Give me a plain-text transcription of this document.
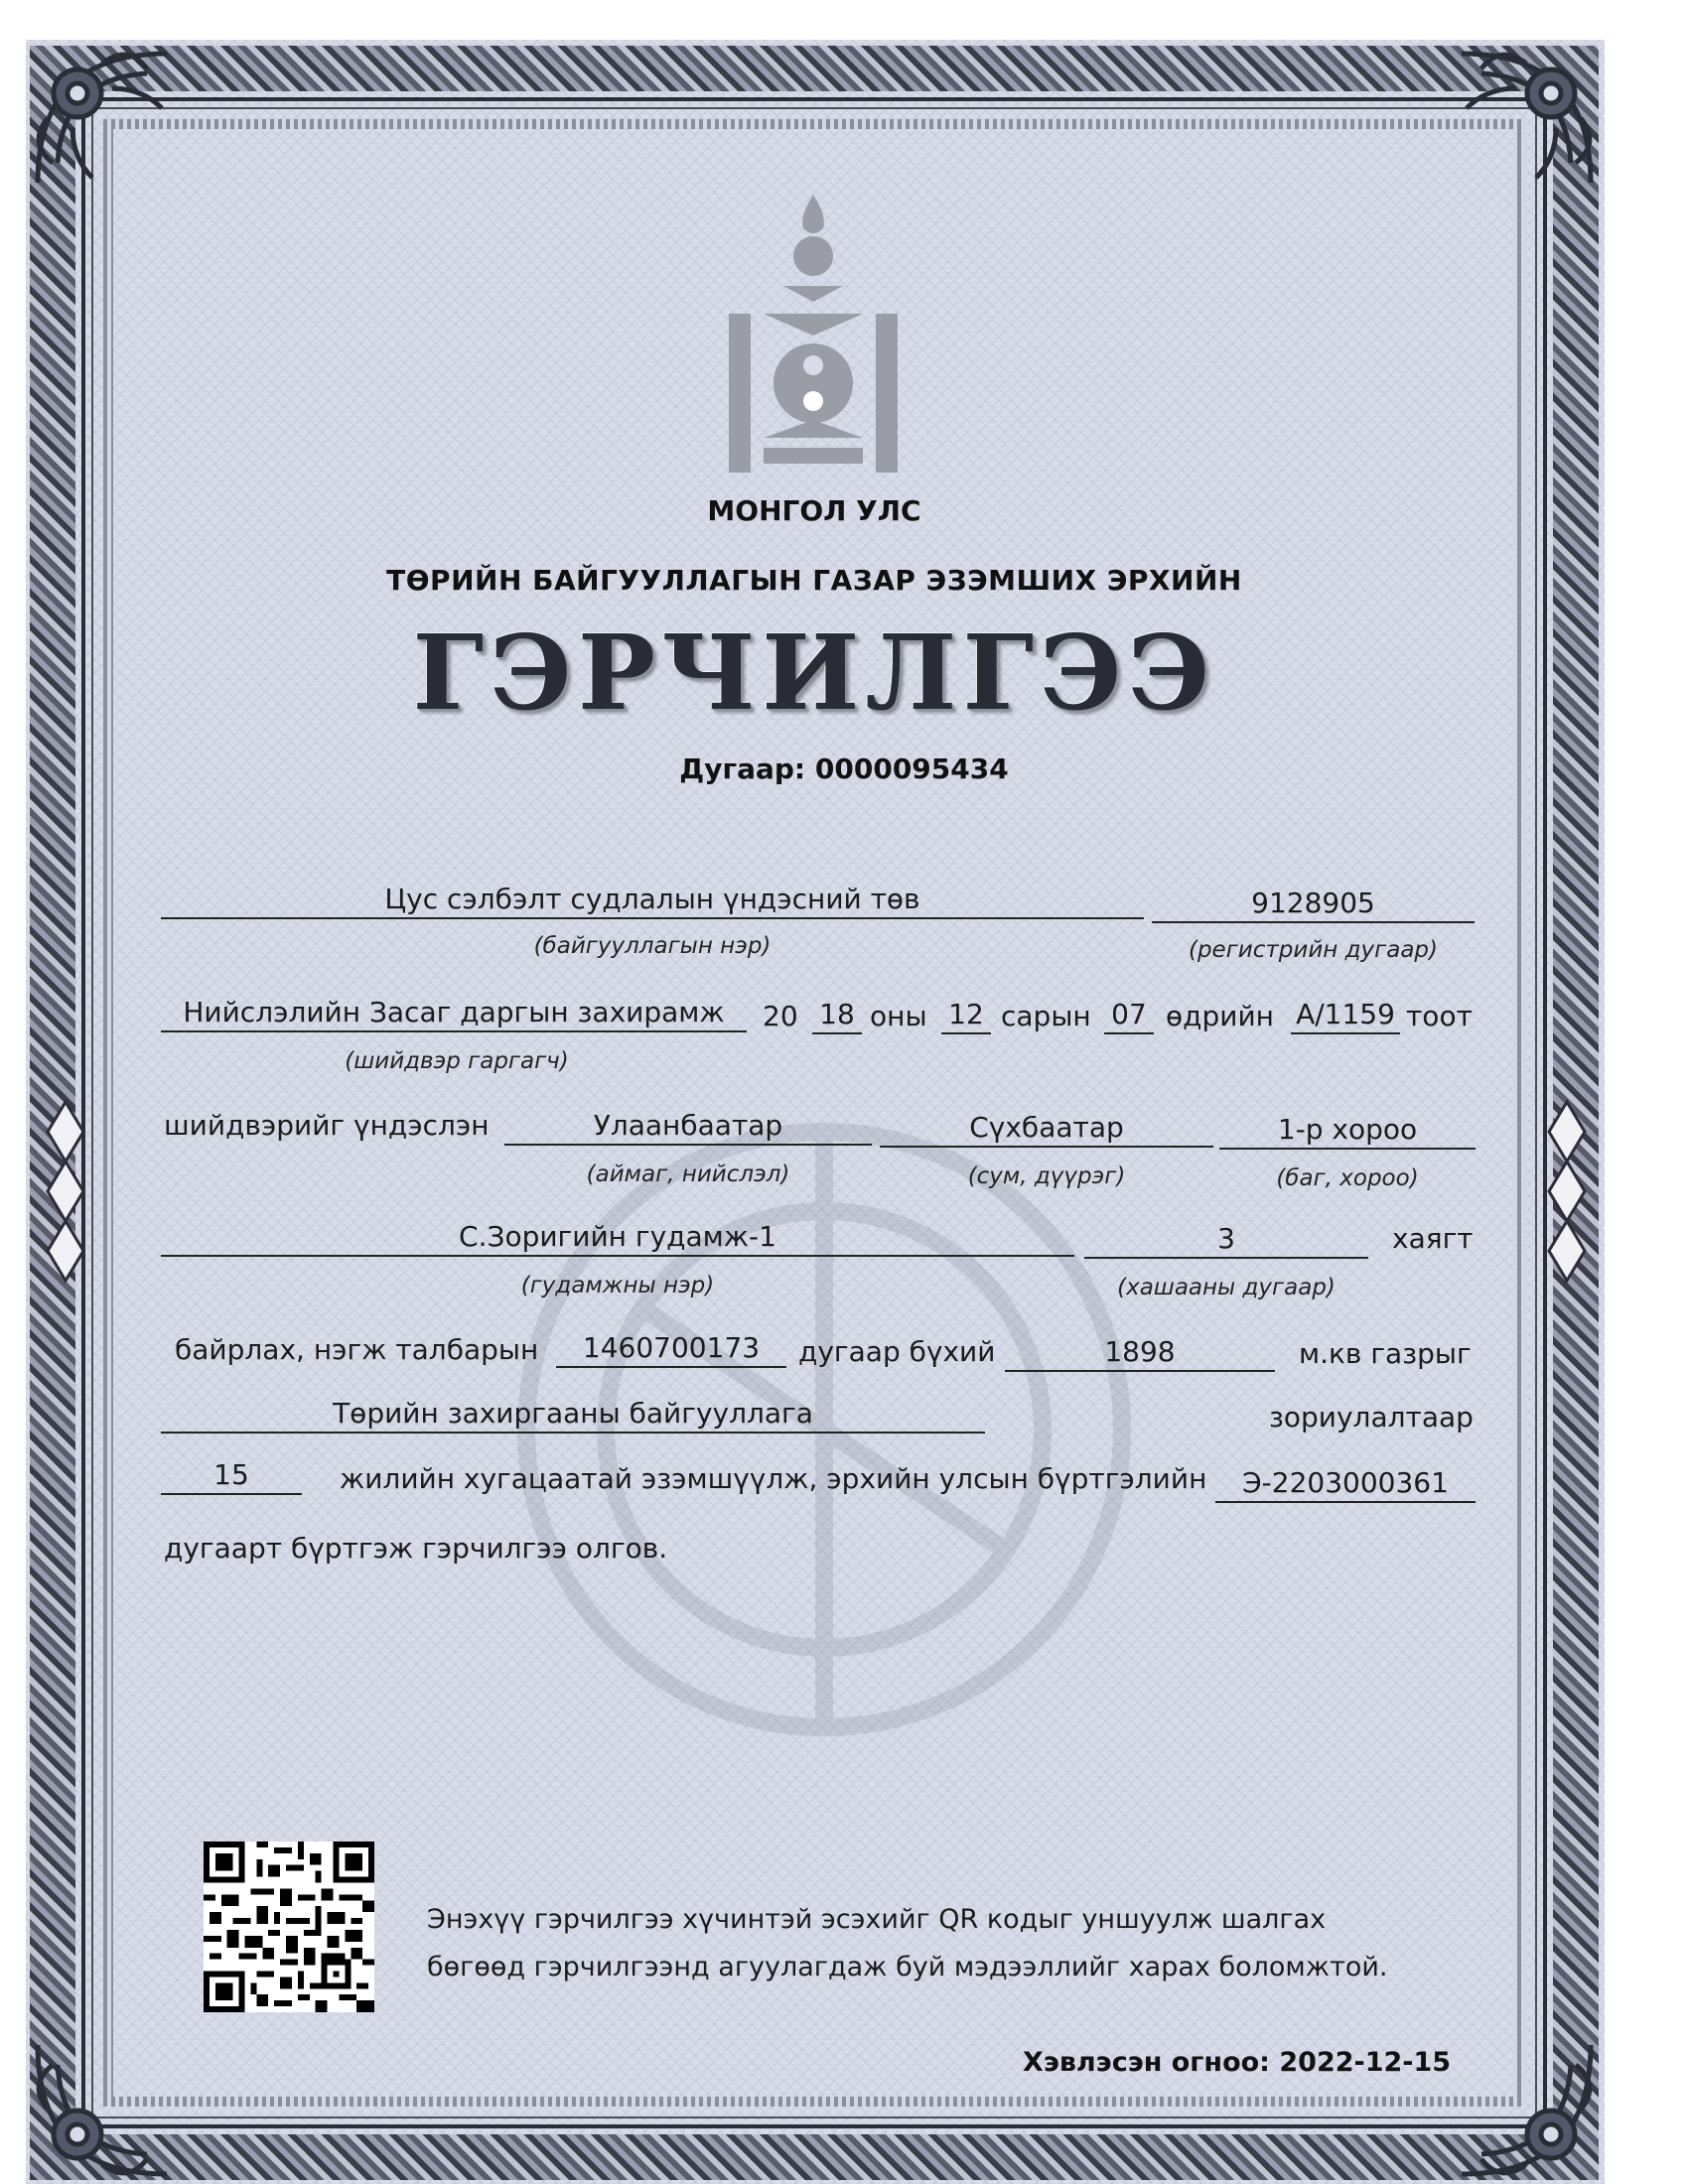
МОНГОЛ УЛС
ТӨРИЙН БАЙГУУЛЛАГЫН ГАЗАР ЭЗЭМШИХ ЭРХИЙН
ГЭРЧИЛГЭЭ
Дугаар: 0000095434
Цус сэлбэлт судлалын үндэсний төв	9128905
(байгууллагын нэр)	(регистрийн дугаар)
Нийслэлийн Засаг даргын захирамж	20 18 оны 12 сарын 07 өдрийн А/1159 тоот
(шийдвэр гаргагч)
шийдвэрийг үндэслэн	Улаанбаатар	Сүхбаатар	1-р хороо
(аймаг, нийслэл)	(сум, дүүрэг)	(баг, хороо)
С.Зоригийн гудамж-1	3	хаягт
(гудамжны нэр)	(хашааны дугаар)
байрлах, нэгж талбарын	1460700173	дугаар бүхий	1898	м.кв газрыг
Төрийн захиргааны байгууллага	зориулалтаар
15	жилийн хугацаатай эзэмшүүлж, эрхийн улсын бүртгэлийн	Э-2203000361
дугаарт бүртгэж гэрчилгээ олгов.
Энэхүү гэрчилгээ хүчинтэй эсэхийг QR кодыг уншуулж шалгах
бөгөөд гэрчилгээнд агуулагдаж буй мэдээллийг харах боломжтой.
Хэвлэсэн огноо: 2022-12-15
